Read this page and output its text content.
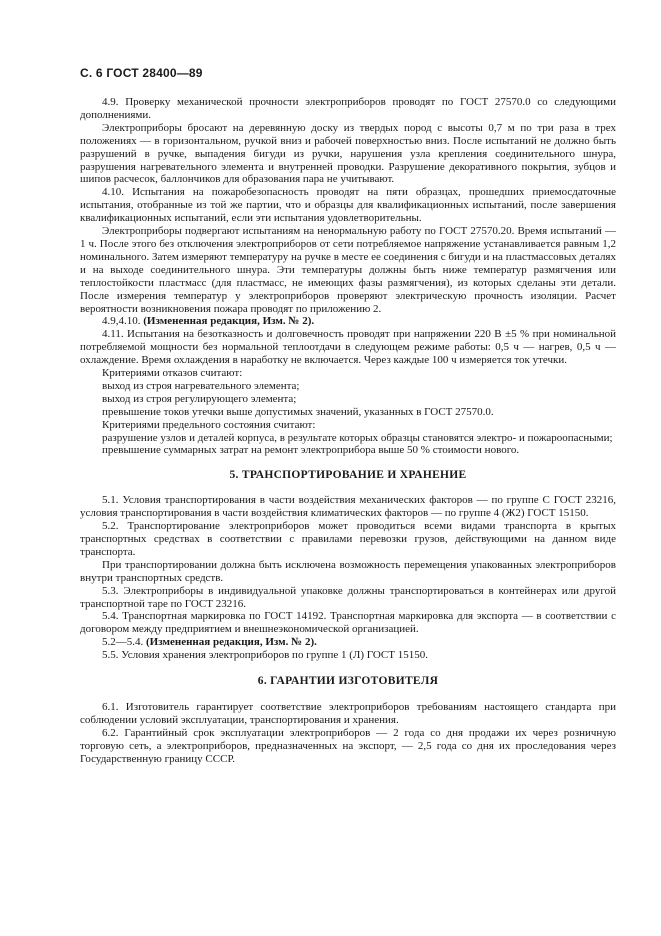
С. 6 ГОСТ 28400—89

4.9. Проверку механической прочности электроприборов проводят по ГОСТ 27570.0 со следующими дополнениями.

Электроприборы бросают на деревянную доску из твердых пород с высоты 0,7 м по три раза в трех положениях — в горизонтальном, ручкой вниз и рабочей поверхностью вниз. После испытаний не должно быть разрушений в ручке, выпадения бигуди из ручки, нарушения узла крепления соединительного шнура, разрушения нагревательного элемента и внутренней проводки. Разрушение декоративного покрытия, зубцов и шипов расчесок, баллончиков для образования пара не учитывают.

4.10. Испытания на пожаробезопасность проводят на пяти образцах, прошедших приемосдаточные испытания, отобранные из той же партии, что и образцы для квалификационных испытаний, после завершения квалификационных испытаний, если эти испытания удовлетворительны.

Электроприборы подвергают испытаниям на ненормальную работу по ГОСТ 27570.20. Время испытаний — 1 ч. После этого без отключения электроприборов от сети потребляемое напряжение устанавливается равным 1,2 номинального. Затем измеряют температуру на ручке в месте ее соединения с бигуди и на пластмассовых деталях и на выходе соединительного шнура. Эти температуры должны быть ниже температур размягчения или теплостойкости пластмасс (для пластмасс, не имеющих фазы размягчения), из которых сделаны эти детали. После измерения температур у электроприборов проверяют электрическую прочность изоляции. Расчет вероятности возникновения пожара проводят по приложению 2.

4.9,4.10. (Измененная редакция, Изм. № 2).

4.11. Испытания на безотказность и долговечность проводят при напряжении 220 В ±5 % при номинальной потребляемой мощности без нормальной теплоотдачи в следующем режиме работы: 0,5 ч — нагрев, 0,5 ч — охлаждение. Время охлаждения в наработку не включается. Через каждые 100 ч измеряется ток утечки.

Критериями отказов считают:

выход из строя нагревательного элемента;

выход из строя регулирующего элемента;

превышение токов утечки выше допустимых значений, указанных в ГОСТ 27570.0.

Критериями предельного состояния считают:

разрушение узлов и деталей корпуса, в результате которых образцы становятся электро- и пожароопасными;

превышение суммарных затрат на ремонт электроприбора выше 50 % стоимости нового.

5. ТРАНСПОРТИРОВАНИЕ И ХРАНЕНИЕ

5.1. Условия транспортирования в части воздействия механических факторов — по группе С ГОСТ 23216, условия транспортирования в части воздействия климатических факторов — по группе 4 (Ж2) ГОСТ 15150.

5.2. Транспортирование электроприборов может проводиться всеми видами транспорта в крытых транспортных средствах в соответствии с правилами перевозки грузов, действующими на данном виде транспорта.

При транспортировании должна быть исключена возможность перемещения упакованных электроприборов внутри транспортных средств.

5.3. Электроприборы в индивидуальной упаковке должны транспортироваться в контейнерах или другой транспортной таре по ГОСТ 23216.

5.4. Транспортная маркировка по ГОСТ 14192. Транспортная маркировка для экспорта — в соответствии с договором между предприятием и внешнеэкономической организацией.

5.2—5.4. (Измененная редакция, Изм. № 2).

5.5. Условия хранения электроприборов по группе 1 (Л) ГОСТ 15150.

6. ГАРАНТИИ ИЗГОТОВИТЕЛЯ

6.1. Изготовитель гарантирует соответствие электроприборов требованиям настоящего стандарта при соблюдении условий эксплуатации, транспортирования и хранения.

6.2. Гарантийный срок эксплуатации электроприборов — 2 года со дня продажи их через розничную торговую сеть, а электроприборов, предназначенных на экспорт, — 2,5 года со дня их проследования через Государственную границу СССР.
